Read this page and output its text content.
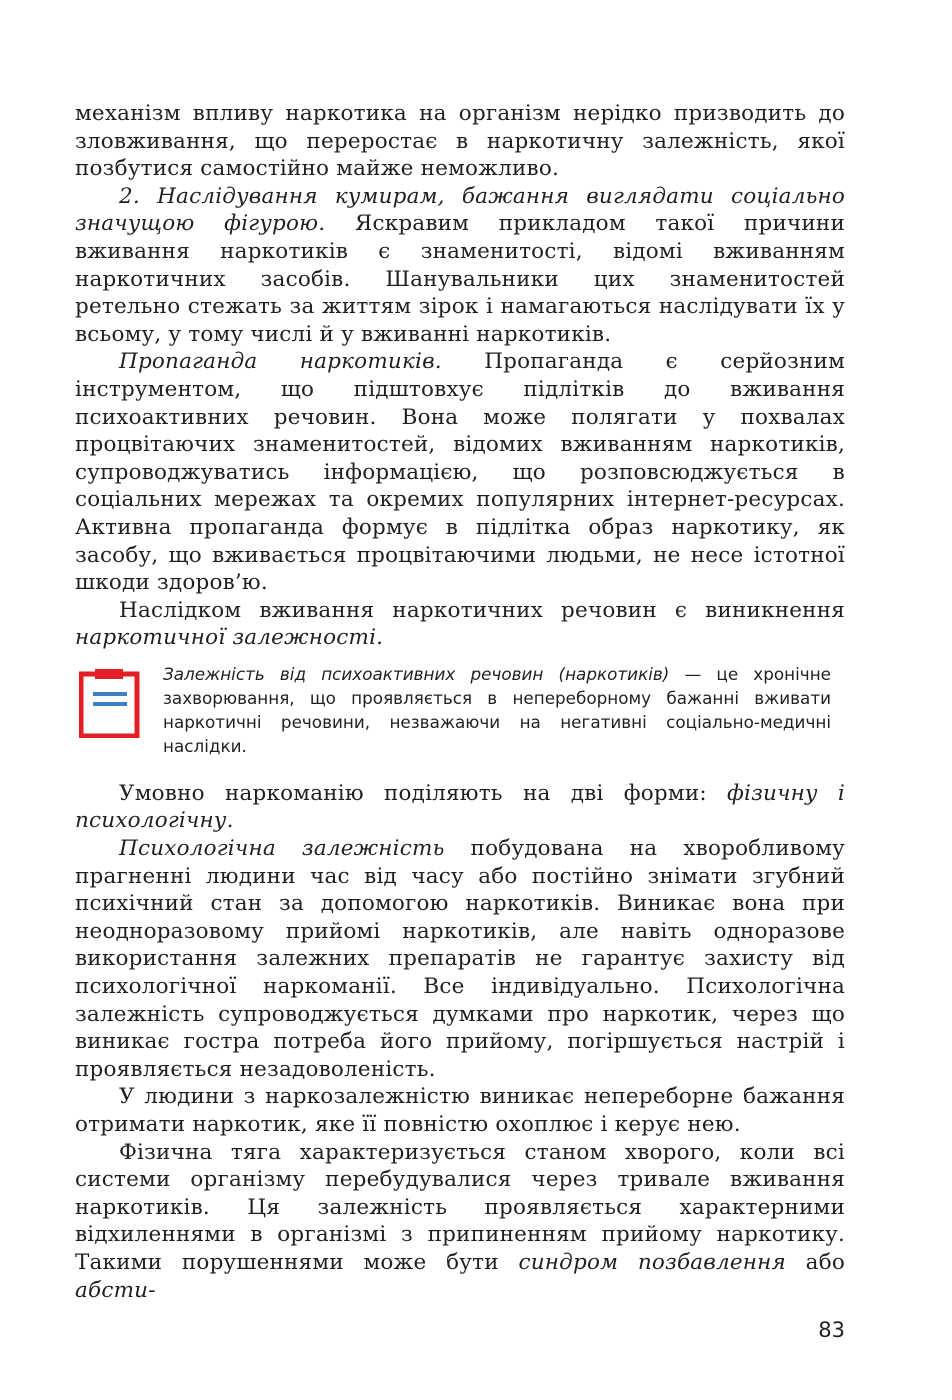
механізм впливу наркотика на організм нерідко призводить до зловживання, що переростає в наркотичну залежність, якої позбутися самостійно майже неможливо.

2. Наслідування кумирам, бажання виглядати соціально значущою фігурою. Яскравим прикладом такої причини вживання наркотиків є знаменитості, відомі вживанням наркотичних засобів. Шанувальники цих знаменитостей ретельно стежать за життям зірок і намагаються наслідувати їх у всьому, у тому числі й у вживанні наркотиків.

Пропаганда наркотиків. Пропаганда є серйозним інструментом, що підштовхує підлітків до вживання психоактивних речовин. Вона може полягати у похвалах процвітаючих знаменитостей, відомих вживанням наркотиків, супроводжуватись інформацією, що розповсюджується в соціальних мережах та окремих популярних інтернет-ресурсах. Активна пропаганда формує в підлітка образ наркотику, як засобу, що вживається процвітаючими людьми, не несе істотної шкоди здоров’ю.

Наслідком вживання наркотичних речовин є виникнення наркотичної залежності.

Залежність від психоактивних речовин (наркотиків) — це хронічне захворювання, що проявляється в непереборному бажанні вживати наркотичні речовини, незважаючи на негативні соціально-медичні наслідки.

Умовно наркоманію поділяють на дві форми: фізичну і психологічну.

Психологічна залежність побудована на хворобливому прагненні людини час від часу або постійно знімати згубний психічний стан за допомогою наркотиків. Виникає вона при неодноразовому прийомі наркотиків, але навіть одноразове використання залежних препаратів не гарантує захисту від психологічної наркоманії. Все індивідуально. Психологічна залежність супроводжується думками про наркотик, через що виникає гостра потреба його прийому, погіршується настрій і проявляється незадоволеність.

У людини з наркозалежністю виникає непереборне бажання отримати наркотик, яке її повністю охоплює і керує нею.

Фізична тяга характеризується станом хворого, коли всі системи організму перебудувалися через тривале вживання наркотиків. Ця залежність проявляється характерними відхиленнями в організмі з припиненням прийому наркотику. Такими порушеннями може бути синдром позбавлення або абсти-

83
